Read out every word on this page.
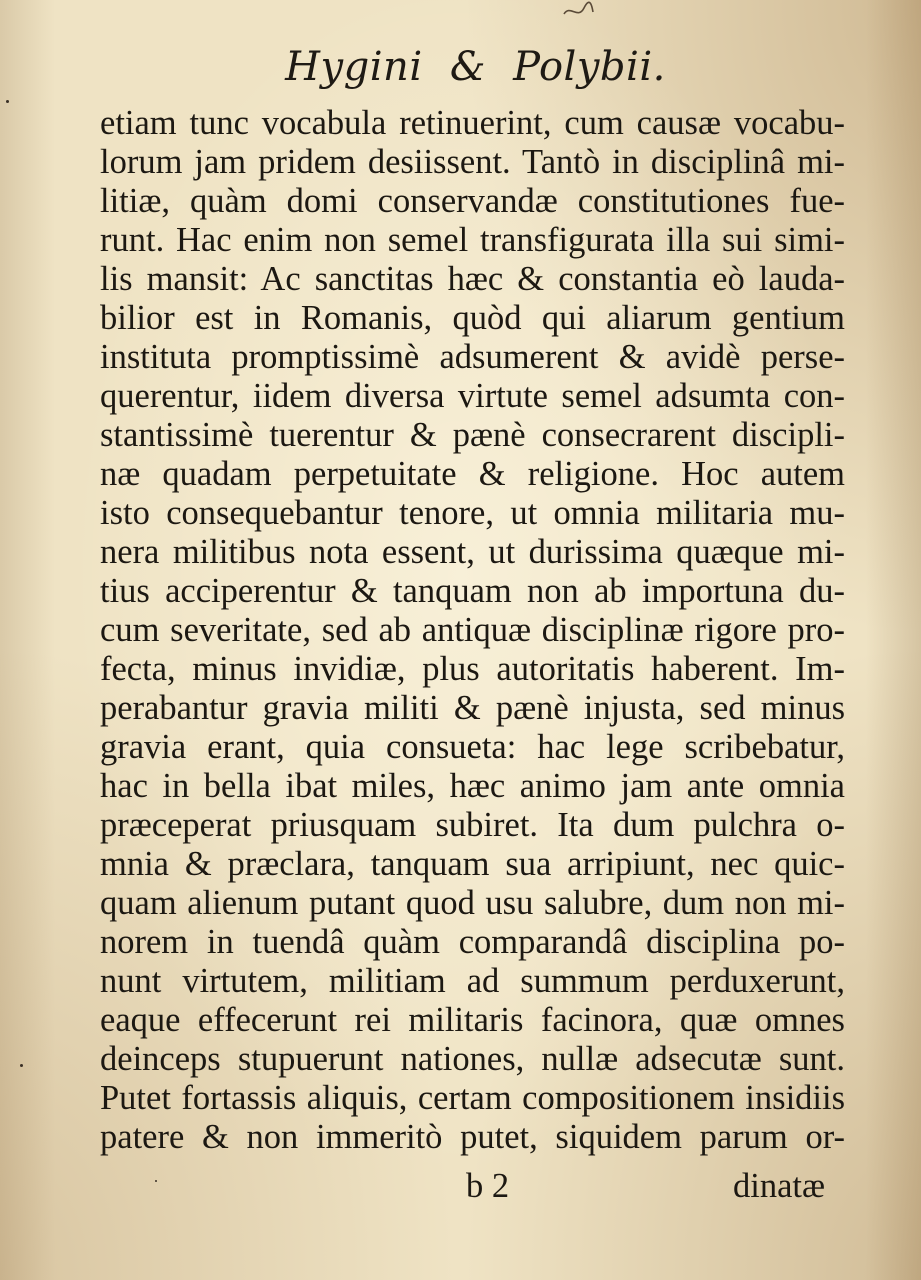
Hygini & Polybii.
etiam tunc vocabula retinuerint, cum causæ vocabu-
lorum jam pridem desiissent. Tantò in disciplinâ mi-
litiæ, quàm domi conservandæ constitutiones fue-
runt. Hac enim non semel transfigurata illa sui simi-
lis mansit: Ac sanctitas hæc & constantia eò lauda-
bilior est in Romanis, quòd qui aliarum gentium
instituta promptissimè adsumerent & avidè perse-
querentur, iidem diversa virtute semel adsumta con-
stantissimè tuerentur & pænè consecrarent discipli-
næ quadam perpetuitate & religione. Hoc autem
isto consequebantur tenore, ut omnia militaria mu-
nera militibus nota essent, ut durissima quæque mi-
tius acciperentur & tanquam non ab importuna du-
cum severitate, sed ab antiquæ disciplinæ rigore pro-
fecta, minus invidiæ, plus autoritatis haberent. Im-
perabantur gravia militi & pænè injusta, sed minus
gravia erant, quia consueta: hac lege scribebatur,
hac in bella ibat miles, hæc animo jam ante omnia
præceperat priusquam subiret. Ita dum pulchra o-
mnia & præclara, tanquam sua arripiunt, nec quic-
quam alienum putant quod usu salubre, dum non mi-
norem in tuendâ quàm comparandâ disciplina po-
nunt virtutem, militiam ad summum perduxerunt,
eaque effecerunt rei militaris facinora, quæ omnes
deinceps stupuerunt nationes, nullæ adsecutæ sunt.
Putet fortassis aliquis, certam compositionem insidiis
patere & non immeritò putet, siquidem parum or-
b 2	dinatæ
